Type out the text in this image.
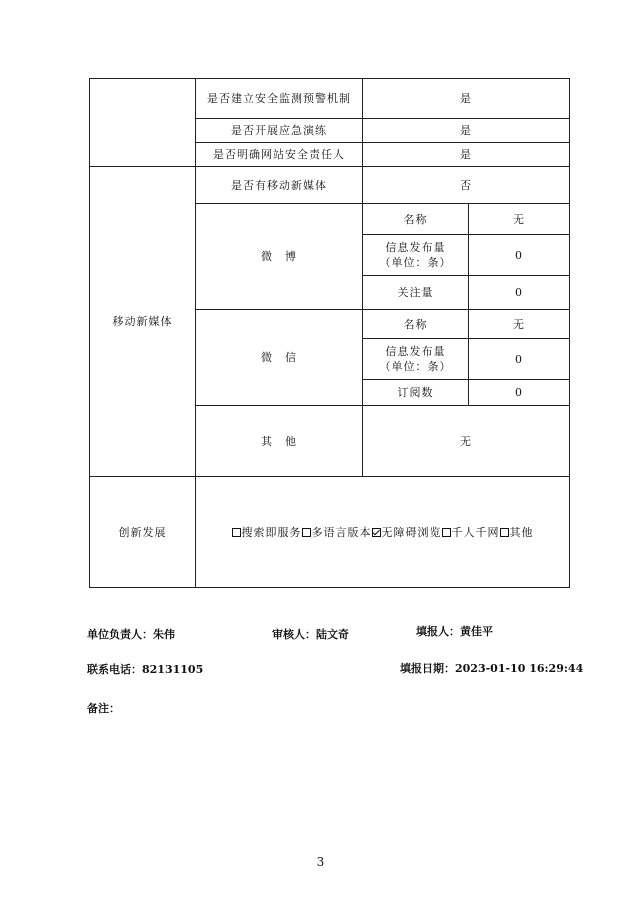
	是否建立安全监测预警机制	是	
	是否开展应急演练	是	
	是否明确网站安全责任人	是	
移动新媒体	是否有移动新媒体	否	
	微　博	名称	无
		信息发布量（单位：条）	0
		关注量	0
	微　信	名称	无
		信息发布量（单位：条）	0
		订阅数	0
	其　他	无	
创新发展	搜索即服务 多语言版本 无障碍浏览 千人千网 其他		
单位负责人：朱伟	审核人：陆文奇	填报人：黄佳平
联系电话：82131105	填报日期：2023-01-10 16:29:44
备注：
3
